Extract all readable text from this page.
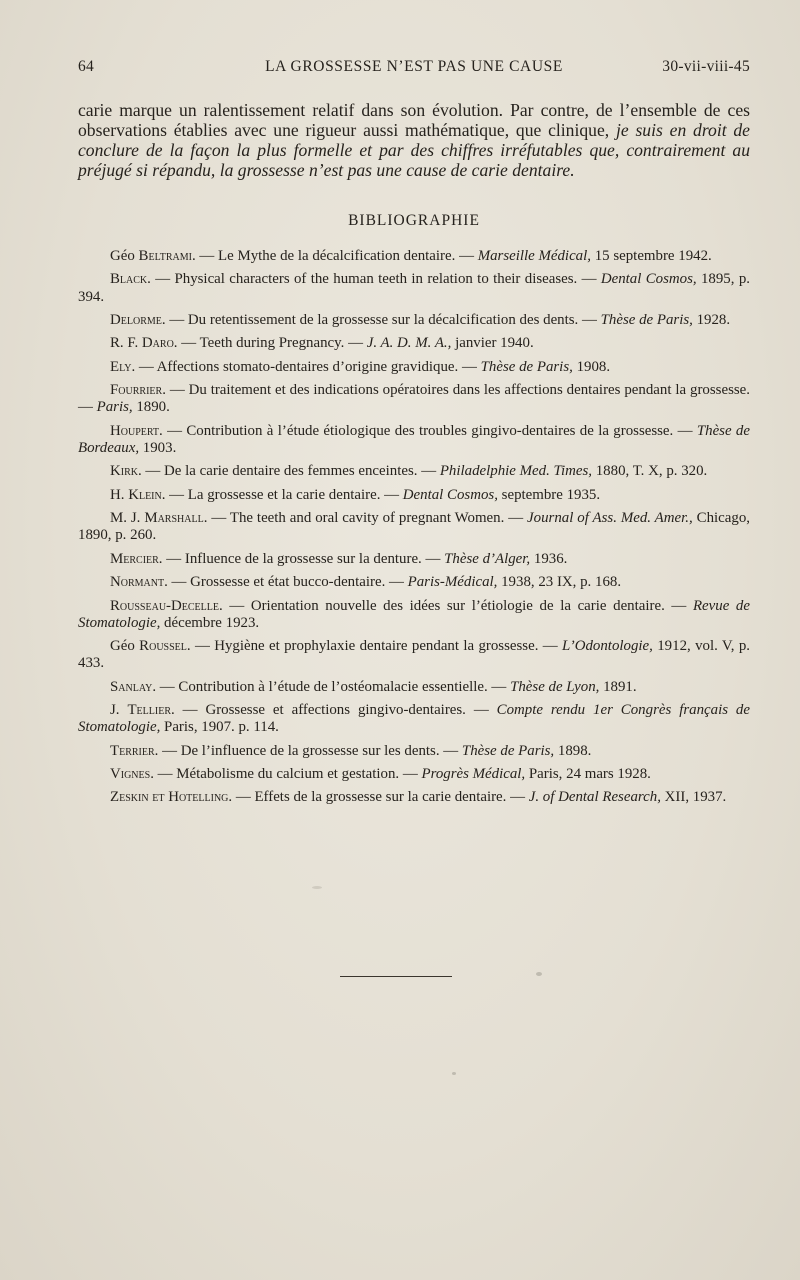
64	LA GROSSESSE N’EST PAS UNE CAUSE	30-vii-viii-45

carie marque un ralentissement relatif dans son évolution. Par contre, de l’ensemble de ces observations établies avec une rigueur aussi mathématique, que clinique, je suis en droit de conclure de la façon la plus formelle et par des chiffres irréfutables que, contrairement au préjugé si répandu, la grossesse n’est pas une cause de carie dentaire.

BIBLIOGRAPHIE
Géo Beltrami. — Le Mythe de la décalcification dentaire. — Marseille Médical, 15 septembre 1942.
Black. — Physical characters of the human teeth in relation to their diseases. — Dental Cosmos, 1895, p. 394.
Delorme. — Du retentissement de la grossesse sur la décalcification des dents. — Thèse de Paris, 1928.
R. F. Daro. — Teeth during Pregnancy. — J. A. D. M. A., janvier 1940.
Ely. — Affections stomato-dentaires d’origine gravidique. — Thèse de Paris, 1908.
Fourrier. — Du traitement et des indications opératoires dans les affections dentaires pendant la grossesse. — Paris, 1890.
Houpert. — Contribution à l’étude étiologique des troubles gingivo-dentaires de la grossesse. — Thèse de Bordeaux, 1903.
Kirk. — De la carie dentaire des femmes enceintes. — Philadelphie Med. Times, 1880, T. X, p. 320.
H. Klein. — La grossesse et la carie dentaire. — Dental Cosmos, septembre 1935.
M. J. Marshall. — The teeth and oral cavity of pregnant Women. — Journal of Ass. Med. Amer., Chicago, 1890, p. 260.
Mercier. — Influence de la grossesse sur la denture. — Thèse d’Alger, 1936.
Normant. — Grossesse et état bucco-dentaire. — Paris-Médical, 1938, 23 IX, p. 168.
Rousseau-Decelle. — Orientation nouvelle des idées sur l’étiologie de la carie dentaire. — Revue de Stomatologie, décembre 1923.
Géo Roussel. — Hygiène et prophylaxie dentaire pendant la grossesse. — L’Odontologie, 1912, vol. V, p. 433.
Sanlay. — Contribution à l’étude de l’ostéomalacie essentielle. — Thèse de Lyon, 1891.
J. Tellier. — Grossesse et affections gingivo-dentaires. — Compte rendu 1er Congrès français de Stomatologie, Paris, 1907. p. 114.
Terrier. — De l’influence de la grossesse sur les dents. — Thèse de Paris, 1898.
Vignes. — Métabolisme du calcium et gestation. — Progrès Médical, Paris, 24 mars 1928.
Zeskin et Hotelling. — Effets de la grossesse sur la carie dentaire. — J. of Dental Research, XII, 1937.
